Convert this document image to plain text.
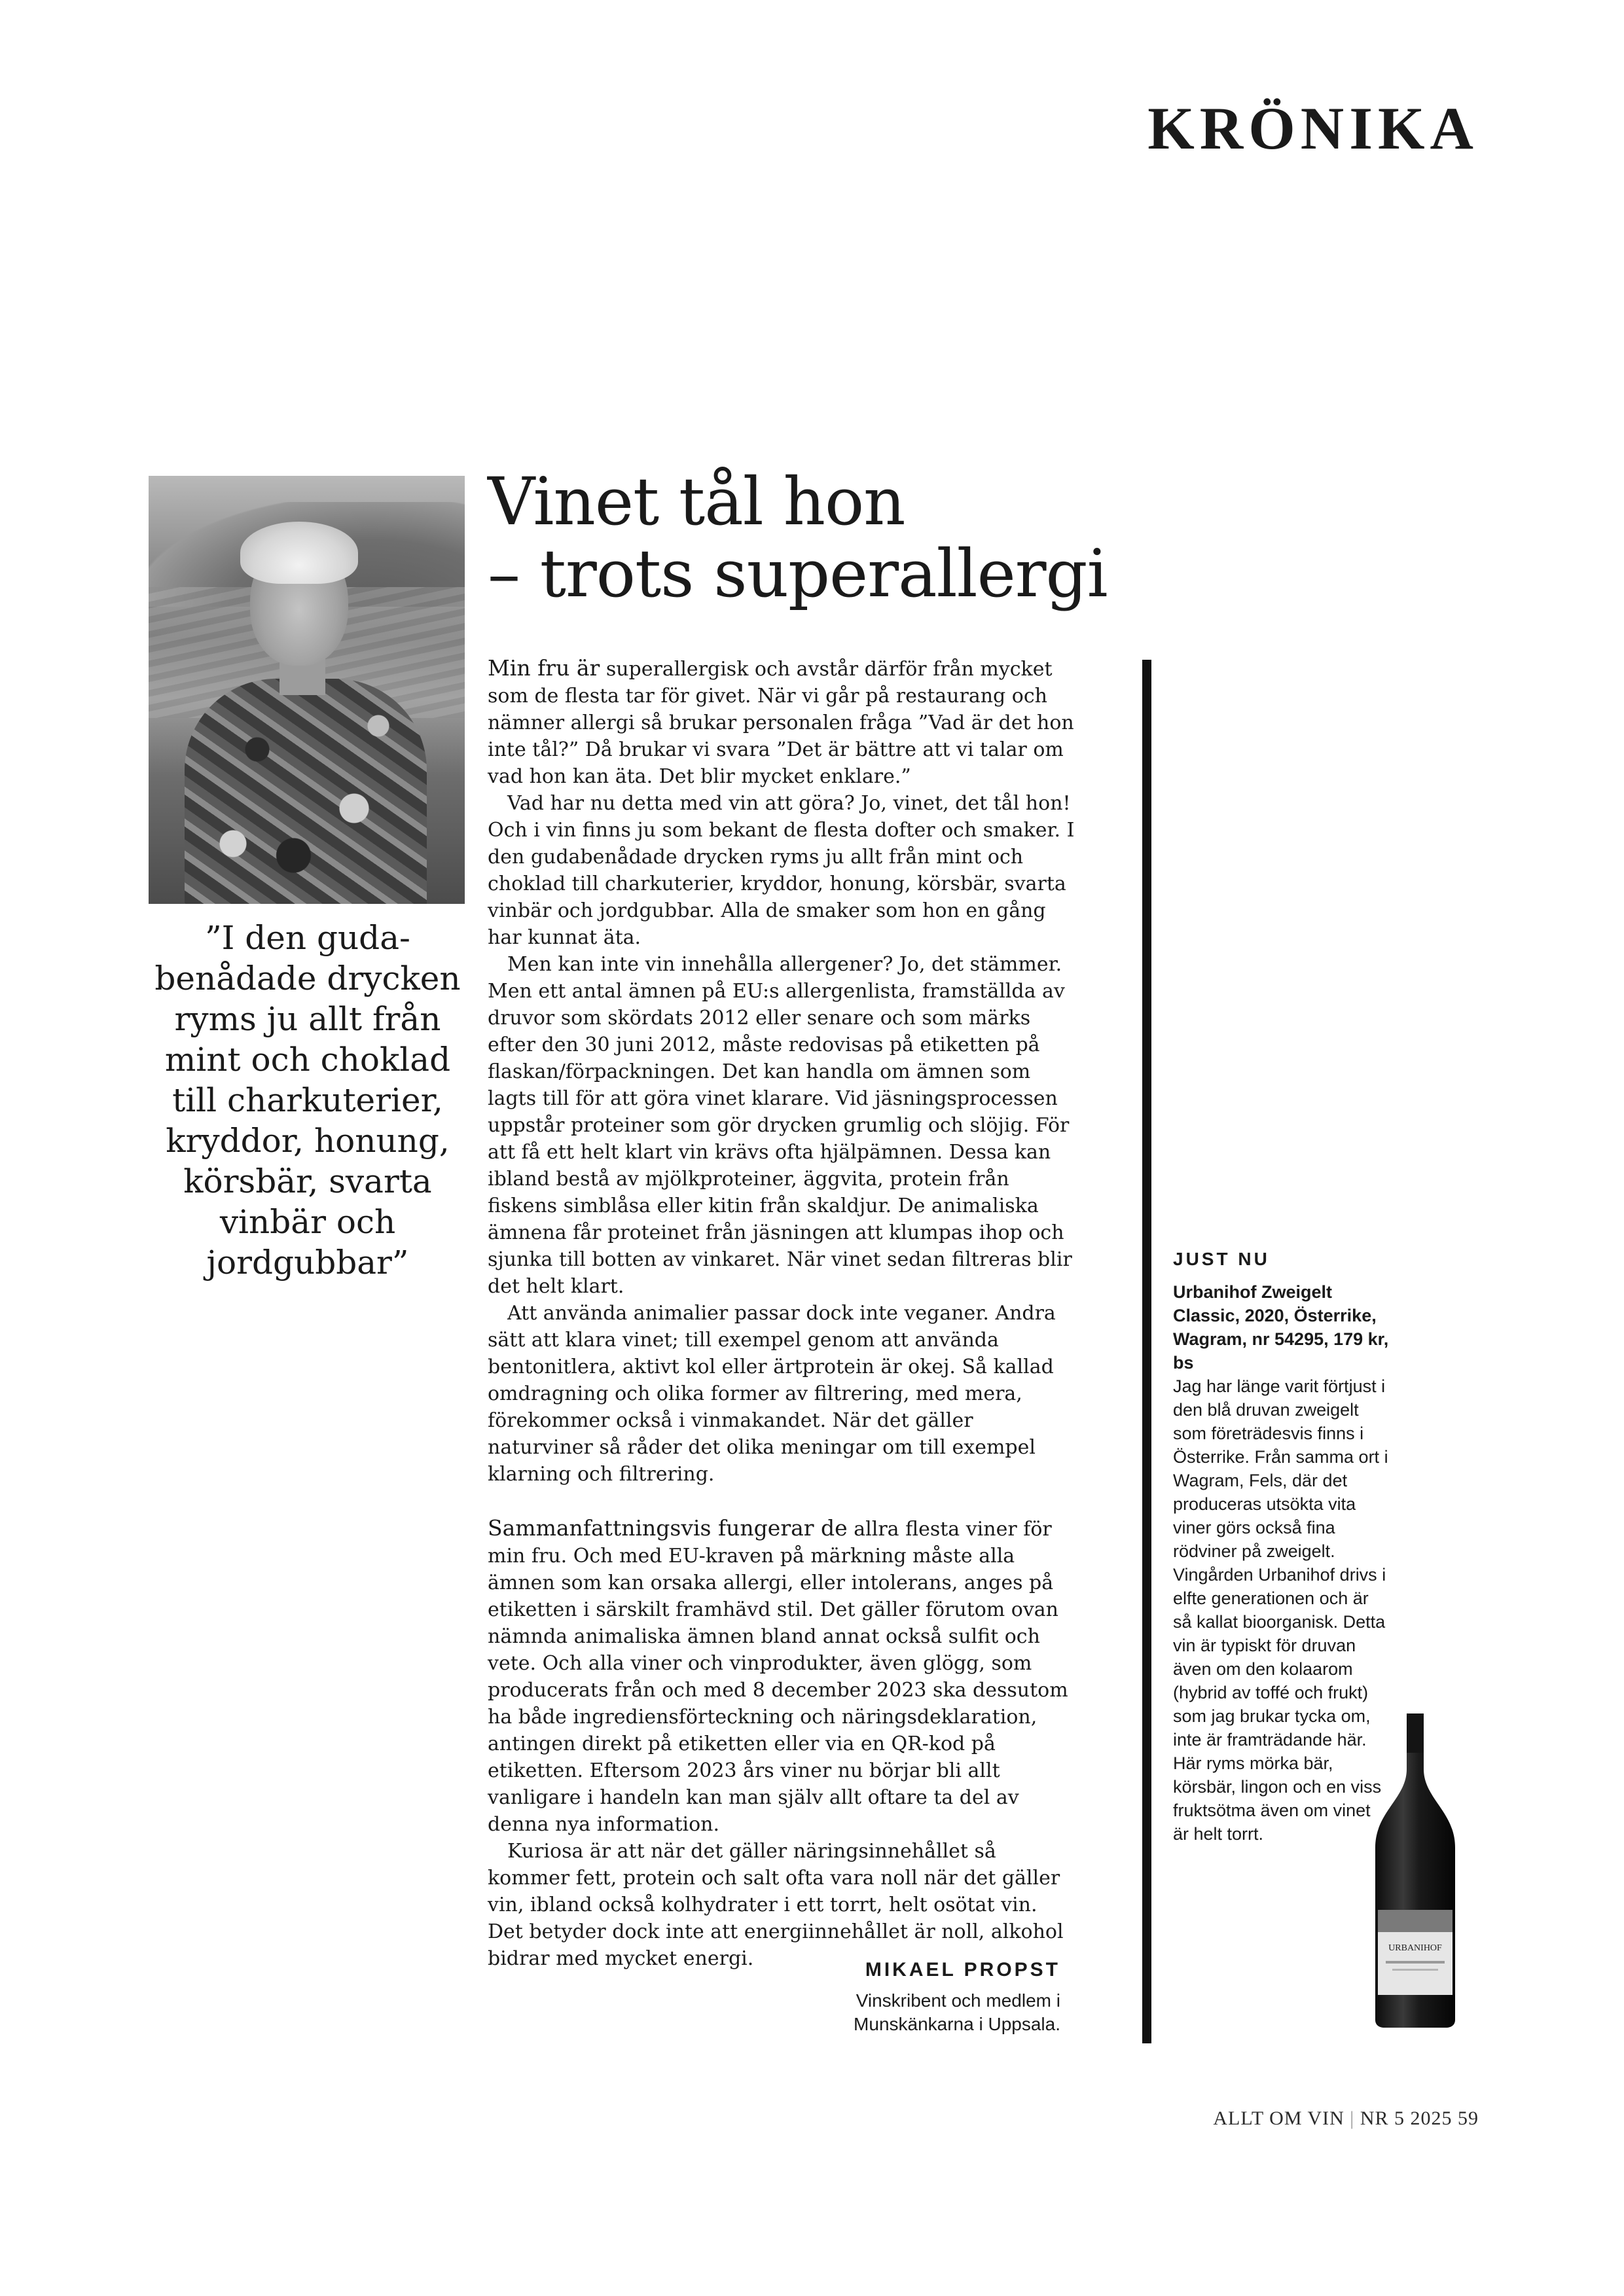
KRÖNIKA

”I den guda- benådade drycken ryms ju allt från mint och choklad till charkuterier, kryddor, honung, körsbär, svarta vinbär och jordgubbar”

Vinet tål hon
– trots superallergi

Min fru är superallergisk och avstår därför från mycket som de flesta tar för givet. När vi går på restaurang och nämner allergi så brukar personalen fråga ”Vad är det hon inte tål?” Då brukar vi svara ”Det är bättre att vi talar om vad hon kan äta. Det blir mycket enklare.”

Vad har nu detta med vin att göra? Jo, vinet, det tål hon! Och i vin finns ju som bekant de flesta dofter och smaker. I den gudabenådade drycken ryms ju allt från mint och choklad till charkuterier, kryddor, honung, körsbär, svarta vinbär och jordgubbar. Alla de smaker som hon en gång har kunnat äta.

Men kan inte vin innehålla allergener? Jo, det stämmer. Men ett antal ämnen på EU:s allergenlista, framställda av druvor som skördats 2012 eller senare och som märks efter den 30 juni 2012, måste redovisas på etiketten på flaskan/förpackningen. Det kan handla om ämnen som lagts till för att göra vinet klarare. Vid jäsningsprocessen uppstår proteiner som gör drycken grumlig och slöjig. För att få ett helt klart vin krävs ofta hjälpämnen. Dessa kan ibland bestå av mjölkproteiner, äggvita, protein från fiskens simblåsa eller kitin från skaldjur. De animaliska ämnena får proteinet från jäsningen att klumpas ihop och sjunka till botten av vinkaret. När vinet sedan filtreras blir det helt klart.

Att använda animalier passar dock inte veganer. Andra sätt att klara vinet; till exempel genom att använda bentonitlera, aktivt kol eller ärtprotein är okej. Så kallad omdragning och olika former av filtrering, med mera, förekommer också i vinmakandet. När det gäller naturviner så råder det olika meningar om till exempel klarning och filtrering.

Sammanfattningsvis fungerar de allra flesta viner för min fru. Och med EU-kraven på märkning måste alla ämnen som kan orsaka allergi, eller intolerans, anges på etiketten i särskilt framhävd stil. Det gäller förutom ovan nämnda animaliska ämnen bland annat också sulfit och vete. Och alla viner och vinprodukter, även glögg, som producerats från och med 8 december 2023 ska dessutom ha både ingrediensförteckning och näringsdeklaration, antingen direkt på etiketten eller via en QR-kod på etiketten. Eftersom 2023 års viner nu börjar bli allt vanligare i handeln kan man själv allt oftare ta del av denna nya information.

Kuriosa är att när det gäller näringsinnehållet så kommer fett, protein och salt ofta vara noll när det gäller vin, ibland också kolhydrater i ett torrt, helt osötat vin. Det betyder dock inte att energiinnehållet är noll, alkohol bidrar med mycket energi.	MIKAEL PROPST

Vinskribent och medlem i Munskänkarna i Uppsala.

JUST NU

Urbanihof Zweigelt Classic, 2020, Österrike, Wagram, nr 54295, 179 kr, bs

Jag har länge varit förtjust i den blå druvan zweigelt som företrädesvis finns i Österrike. Från samma ort i Wagram, Fels, där det produceras utsökta vita viner görs också fina rödviner på zweigelt. Vingården Urbanihof drivs i elfte generationen och är så kallat bioorganisk. Detta vin är typiskt för druvan även om den kolaarom (hybrid av toffé och frukt) som jag brukar tycka om, inte är framträdande här. Här ryms mörka bär, körsbär, lingon och en viss fruktsötma även om vinet är helt torrt.

URBANIHOF

ALLT OM VIN | NR 5 2025 59
